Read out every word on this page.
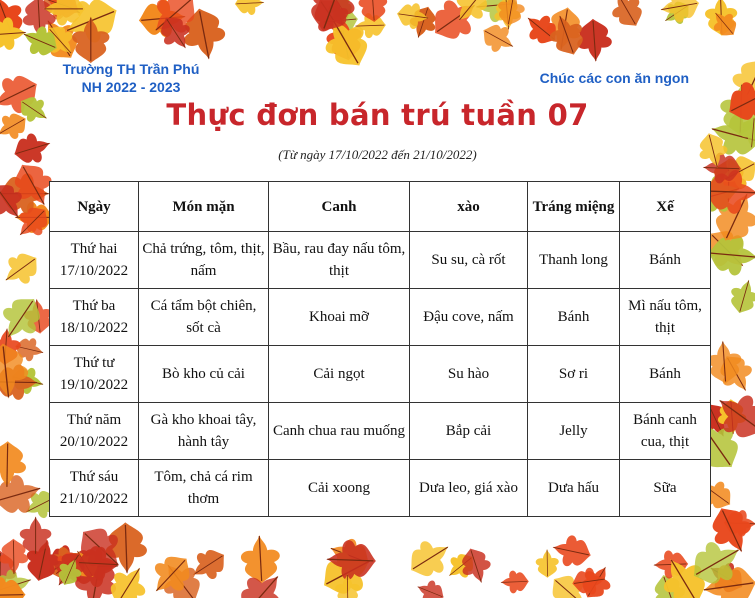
Trường TH Trần Phú
NH 2022 - 2023
Chúc các con ăn ngon
Thực đơn bán trú tuần 07
(Từ ngày 17/10/2022 đến 21/10/2022)
Ngày	Món mặn	Canh	xào	Tráng miệng	Xế
Thứ hai 17/10/2022	Chả trứng, tôm, thịt, nấm	Bầu, rau đay nấu tôm, thịt	Su su, cà rốt	Thanh long	Bánh
Thứ ba 18/10/2022	Cá tẩm bột chiên, sốt cà	Khoai mỡ	Đậu cove, nấm	Bánh	Mì nấu tôm, thịt
Thứ tư 19/10/2022	Bò kho củ cải	Cải ngọt	Su hào	Sơ ri	Bánh
Thứ năm 20/10/2022	Gà kho khoai tây, hành tây	Canh chua rau muống	Bắp cải	Jelly	Bánh canh cua, thịt
Thứ sáu 21/10/2022	Tôm, chả cá rim thơm	Cải xoong	Dưa leo, giá xào	Dưa hấu	Sữa
